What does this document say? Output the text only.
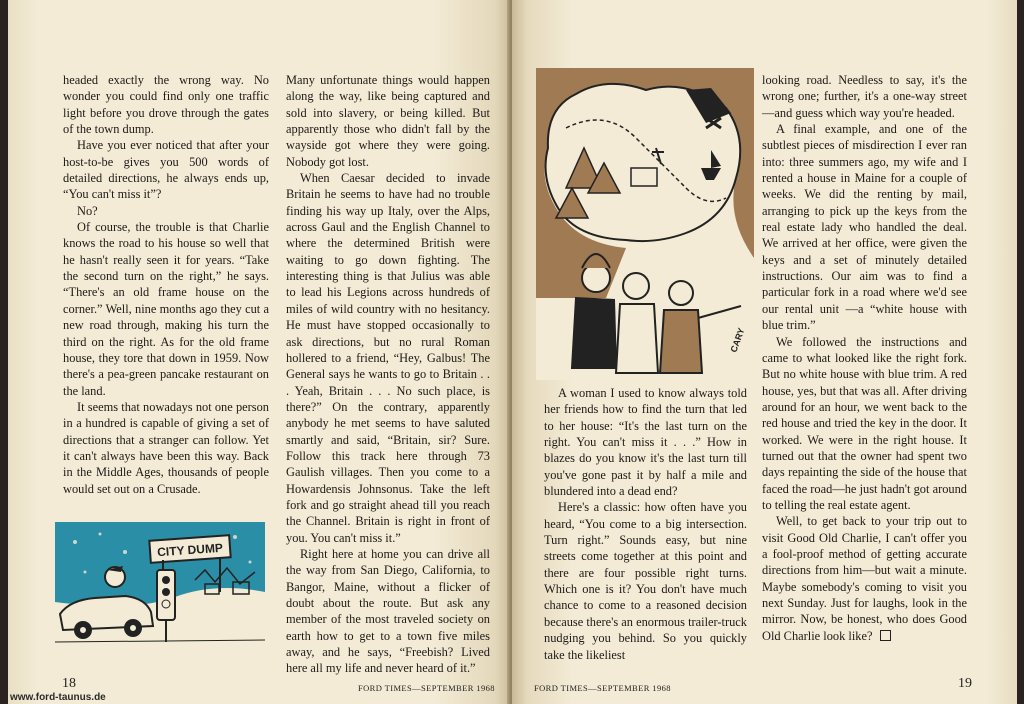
headed exactly the wrong way. No wonder you could find only one traffic light before you drove through the gates of the town dump.

Have you ever noticed that after your host-to-be gives you 500 words of detailed directions, he always ends up, “You can't miss it”?

No?

Of course, the trouble is that Charlie knows the road to his house so well that he hasn't really seen it for years. “Take the second turn on the right,” he says. “There's an old frame house on the corner.” Well, nine months ago they cut a new road through, making his turn the third on the right. As for the old frame house, they tore that down in 1959. Now there's a pea-green pancake restaurant on the land.

It seems that nowadays not one person in a hundred is capable of giving a set of directions that a stranger can follow. Yet it can't always have been this way. Back in the Middle Ages, thousands of people would set out on a Crusade.

Many unfortunate things would happen along the way, like being captured and sold into slavery, or being killed. But apparently those who didn't fall by the wayside got where they were going. Nobody got lost.

When Caesar decided to invade Britain he seems to have had no trouble finding his way up Italy, over the Alps, across Gaul and the English Channel to where the determined British were waiting to go down fighting. The interesting thing is that Julius was able to lead his Legions across hundreds of miles of wild country with no hesitancy. He must have stopped occasionally to ask directions, but no rural Roman hollered to a friend, “Hey, Galbus! The General says he wants to go to Britain . . . Yeah, Britain . . . No such place, is there?” On the contrary, apparently anybody he met seems to have saluted smartly and said, “Britain, sir? Sure. Follow this track here through 73 Gaulish villages. Then you come to a Howardensis Johnsonus. Take the left fork and go straight ahead till you reach the Channel. Britain is right in front of you. You can't miss it.”

Right here at home you can drive all the way from San Diego, California, to Bangor, Maine, without a flicker of doubt about the route. But ask any member of the most traveled society on earth how to get to a town five miles away, and he says, “Freebish? Lived here all my life and never heard of it.”

CITY DUMP
18	FORD TIMES—SEPTEMBER 1968
CARY

A woman I used to know always told her friends how to find the turn that led to her house: “It's the last turn on the right. You can't miss it . . .” How in blazes do you know it's the last turn till you've gone past it by half a mile and blundered into a dead end?

Here's a classic: how often have you heard, “You come to a big intersection. Turn right.” Sounds easy, but nine streets come together at this point and there are four possible right turns. Which one is it? You don't have much chance to come to a reasoned decision because there's an enormous trailer-truck nudging you behind. So you quickly take the likeliest

looking road. Needless to say, it's the wrong one; further, it's a one-way street—and guess which way you're headed.

A final example, and one of the subtlest pieces of misdirection I ever ran into: three summers ago, my wife and I rented a house in Maine for a couple of weeks. We did the renting by mail, arranging to pick up the keys from the real estate lady who handled the deal. We arrived at her office, were given the keys and a set of minutely detailed instructions. Our aim was to find a particular fork in a road where we'd see our rental unit —a “white house with blue trim.”

We followed the instructions and came to what looked like the right fork. But no white house with blue trim. A red house, yes, but that was all. After driving around for an hour, we went back to the red house and tried the key in the door. It worked. We were in the right house. It turned out that the owner had spent two days repainting the side of the house that faced the road—he just hadn't got around to telling the real estate agent.

Well, to get back to your trip out to visit Good Old Charlie, I can't offer you a fool-proof method of getting accurate directions from him—but wait a minute. Maybe somebody's coming to visit you next Sunday. Just for laughs, look in the mirror. Now, be honest, who does Good Old Charlie look like?

FORD TIMES—SEPTEMBER 1968	19
www.ford-taunus.de
